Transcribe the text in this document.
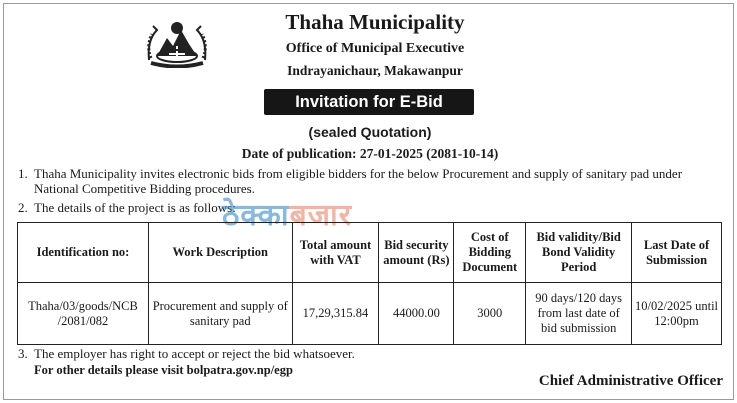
Thaha Municipality
Office of Municipal Executive
Indrayanichaur, Makawanpur
Invitation for E-Bid
(sealed Quotation)
Date of publication: 27-01-2025 (2081-10-14)
1. Thaha Municipality invites electronic bids from eligible bidders for the below Procurement and supply of sanitary pad under
National Competitive Bidding procedures.
2. The details of the project is as follows:
ठेक्काबजार
Identification no:	Work Description	Total amount with VAT	Bid security amount (Rs)	Cost of Bidding Document	Bid validity/Bid Bond Validity Period	Last Date of Submission
Thaha/03/goods/NCB /2081/082	Procurement and supply of sanitary pad	17,29,315.84	44000.00	3000	90 days/120 days from last date of bid submission	10/02/2025 until 12:00pm
3. The employer has right to accept or reject the bid whatsoever.
For other details please visit bolpatra.gov.np/egp
Chief Administrative Officer
